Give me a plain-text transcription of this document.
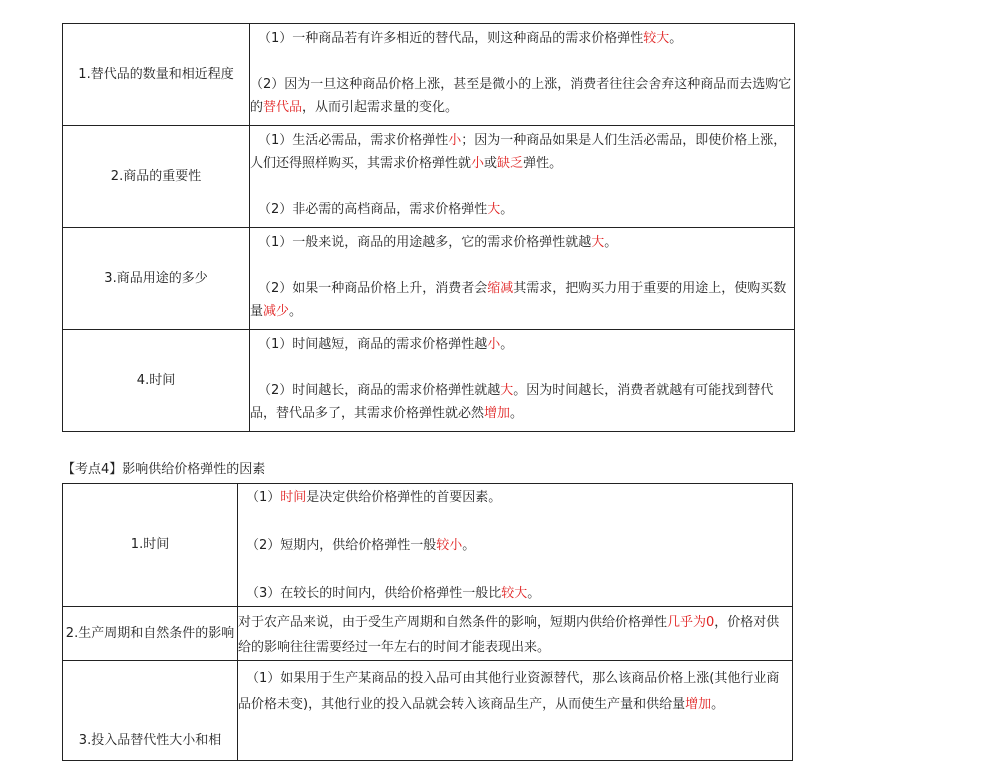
1.替代品的数量和相近程度	（1）一种商品若有许多相近的替代品，则这种商品的需求价格弹性较大。
（2）因为一旦这种商品价格上涨，甚至是微小的上涨，消费者往往会舍弃这种商品而去选购它的替代品，从而引起需求量的变化。

2.商品的重要性	（1）生活必需品，需求价格弹性小；因为一种商品如果是人们生活必需品，即使价格上涨，人们还得照样购买，其需求价格弹性就小或缺乏弹性。
（2）非必需的高档商品，需求价格弹性大。

3.商品用途的多少	（1）一般来说，商品的用途越多，它的需求价格弹性就越大。
（2）如果一种商品价格上升，消费者会缩减其需求，把购买力用于重要的用途上，使购买数量减少。

4.时间	（1）时间越短，商品的需求价格弹性越小。
（2）时间越长，商品的需求价格弹性就越大。因为时间越长，消费者就越有可能找到替代品，替代品多了，其需求价格弹性就必然增加。
【考点4】影响供给价格弹性的因素
1.时间	（1）时间是决定供给价格弹性的首要因素。
（2）短期内，供给价格弹性一般较小。
（3）在较长的时间内，供给价格弹性一般比较大。

2.生产周期和自然条件的影响	对于农产品来说，由于受生产周期和自然条件的影响，短期内供给价格弹性几乎为0，价格对供给的影响往往需要经过一年左右的时间才能表现出来。

3.投入品替代性大小和相	（1）如果用于生产某商品的投入品可由其他行业资源替代，那么该商品价格上涨(其他行业商品价格未变)，其他行业的投入品就会转入该商品生产，从而使生产量和供给量增加。
